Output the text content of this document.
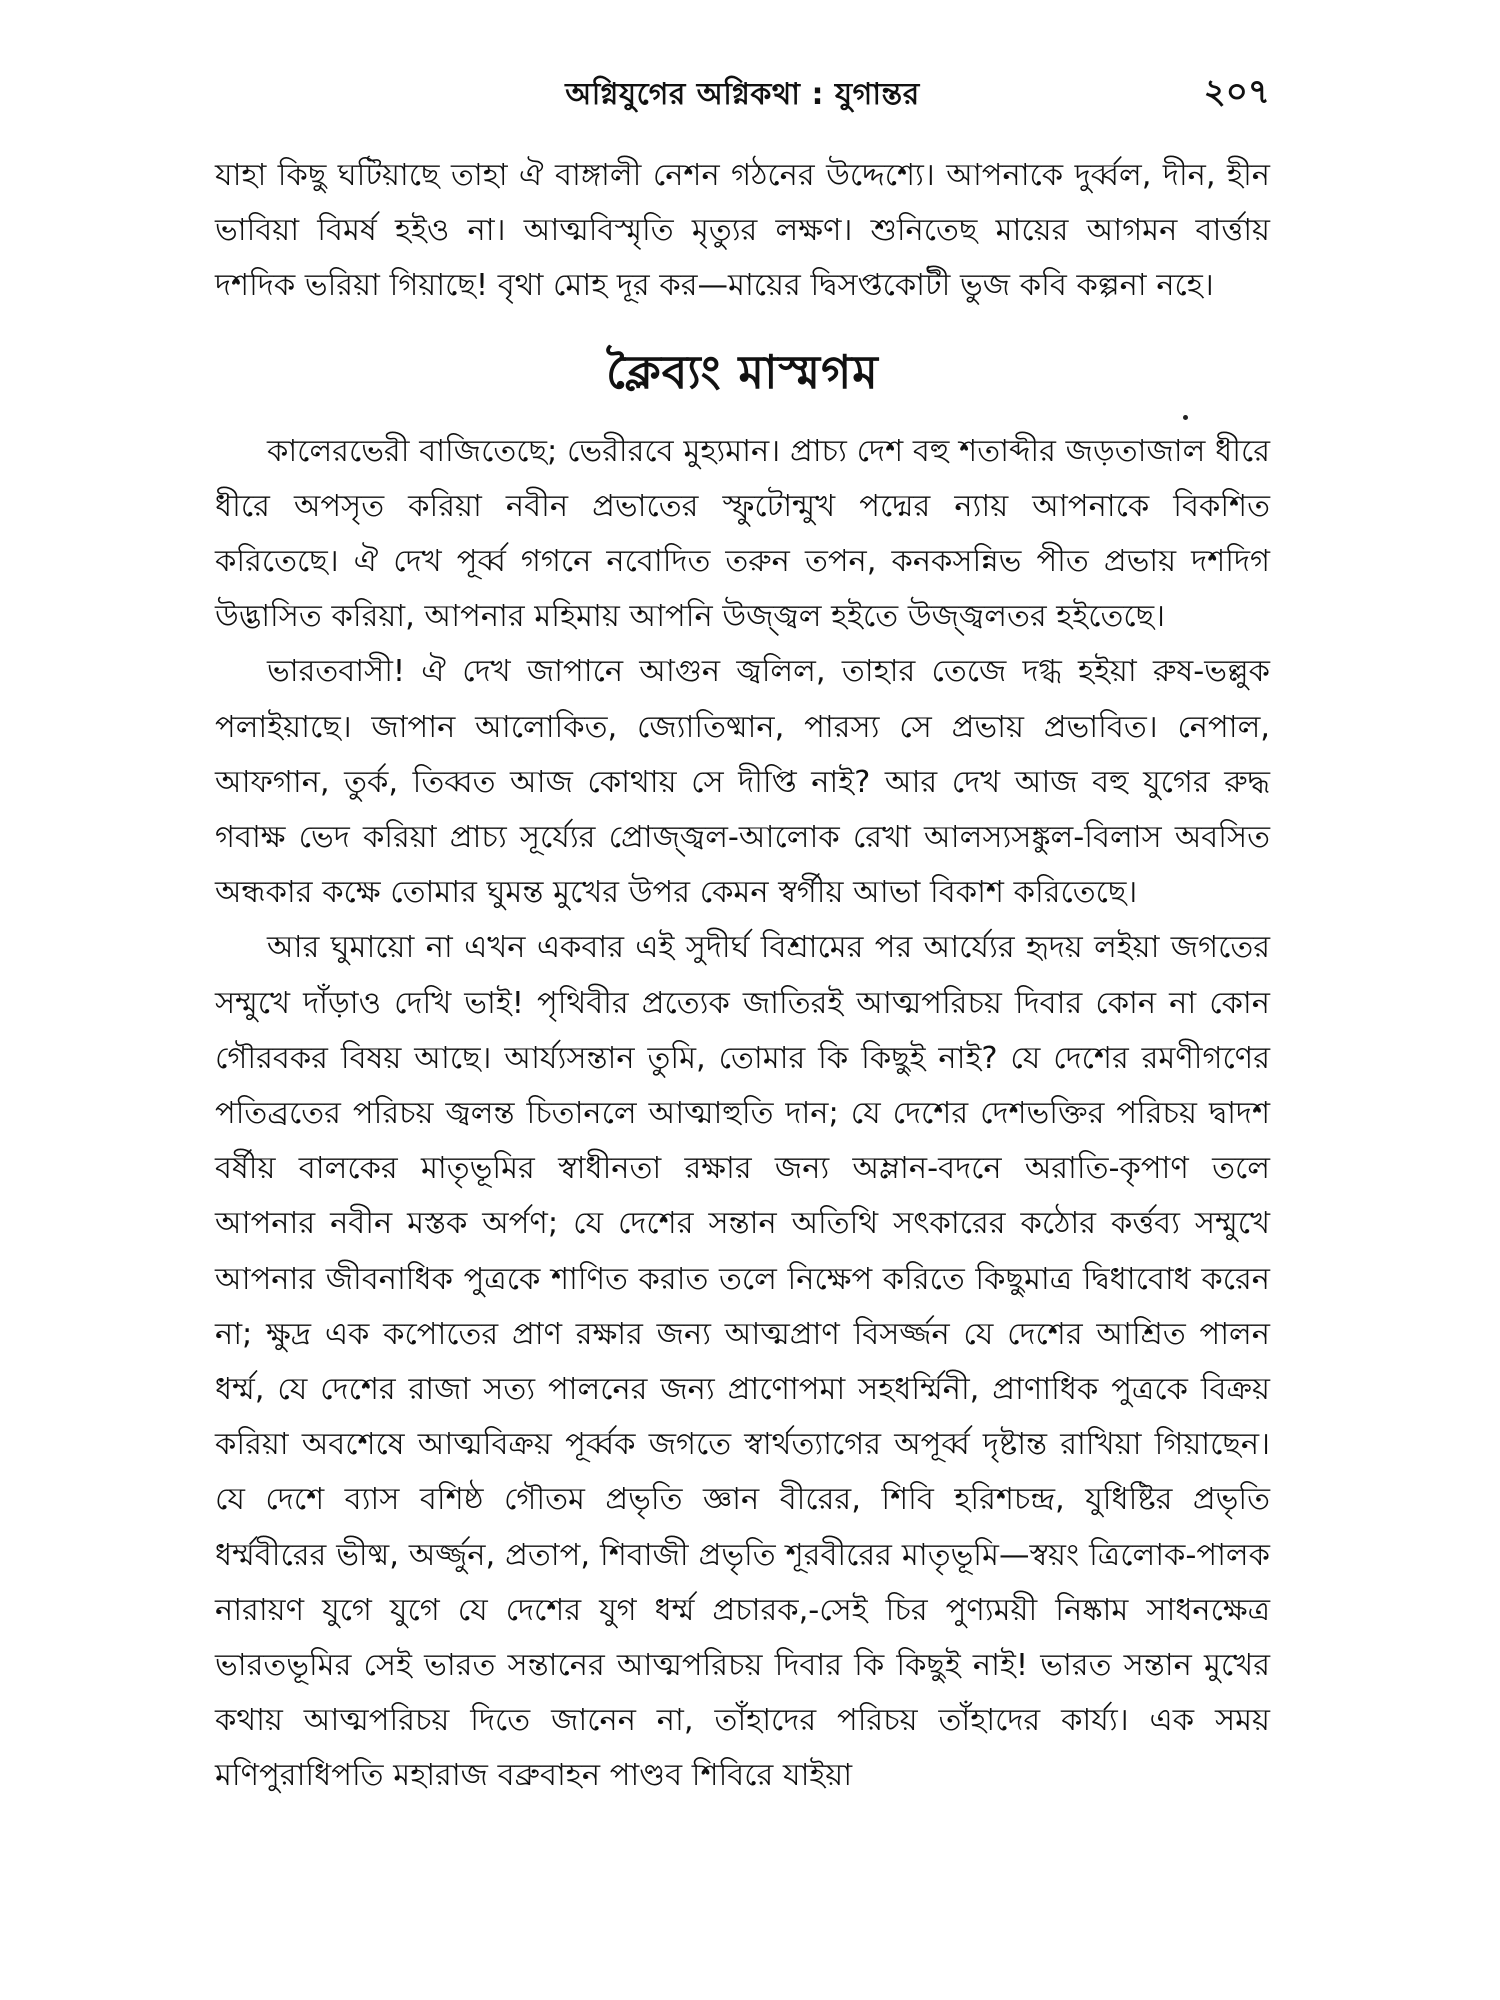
অগ্নিযুগের অগ্নিকথা : যুগান্তর	২০৭

যাহা কিছু ঘটিয়াছে তাহা ঐ বাঙ্গালী নেশন গঠনের উদ্দেশ্যে। আপনাকে দুর্ব্বল, দীন, হীন ভাবিয়া বিমর্ষ হইও না। আত্মবিস্মৃতি মৃত্যুর লক্ষণ। শুনিতেছ মায়ের আগমন বার্ত্তায় দশদিক ভরিয়া গিয়াছে! বৃথা মোহ দূর কর—মায়ের দ্বিসপ্তকোটী ভুজ কবি কল্পনা নহে।

ক্লৈব্যং মাস্মগম

কালেরভেরী বাজিতেছে; ভেরীরবে মুহ্যমান। প্রাচ্য দেশ বহু শতাব্দীর জড়তাজাল ধীরে ধীরে অপসৃত করিয়া নবীন প্রভাতের স্ফুটোন্মুখ পদ্মের ন্যায় আপনাকে বিকশিত করিতেছে। ঐ দেখ পূর্ব্ব গগনে নবোদিত তরুন তপন, কনকসন্নিভ পীত প্রভায় দশদিগ উদ্ভাসিত করিয়া, আপনার মহিমায় আপনি উজ্জ্বল হইতে উজ্জ্বলতর হইতেছে।

ভারতবাসী! ঐ দেখ জাপানে আগুন জ্বলিল, তাহার তেজে দগ্ধ হইয়া রুষ-ভল্লুক পলাইয়াছে। জাপান আলোকিত, জ্যোতিষ্মান, পারস্য সে প্রভায় প্রভাবিত। নেপাল, আফগান, তুর্ক, তিব্বত আজ কোথায় সে দীপ্তি নাই? আর দেখ আজ বহু যুগের রুদ্ধ গবাক্ষ ভেদ করিয়া প্রাচ্য সূর্য্যের প্রোজ্জ্বল-আলোক রেখা আলস্যসঙ্কুল-বিলাস অবসিত অন্ধকার কক্ষে তোমার ঘুমন্ত মুখের উপর কেমন স্বর্গীয় আভা বিকাশ করিতেছে।

আর ঘুমায়ো না এখন একবার এই সুদীর্ঘ বিশ্রামের পর আর্য্যের হৃদয় লইয়া জগতের সম্মুখে দাঁড়াও দেখি ভাই! পৃথিবীর প্রত্যেক জাতিরই আত্মপরিচয় দিবার কোন না কোন গৌরবকর বিষয় আছে। আর্য্যসন্তান তুমি, তোমার কি কিছুই নাই? যে দেশের রমণীগণের পতিব্রতের পরিচয় জ্বলন্ত চিতানলে আত্মাহুতি দান; যে দেশের দেশভক্তির পরিচয় দ্বাদশ বর্ষীয় বালকের মাতৃভূমির স্বাধীনতা রক্ষার জন্য অম্লান-বদনে অরাতি-কৃপাণ তলে আপনার নবীন মস্তক অর্পণ; যে দেশের সন্তান অতিথি সৎকারের কঠোর কর্ত্তব্য সম্মুখে আপনার জীবনাধিক পুত্রকে শাণিত করাত তলে নিক্ষেপ করিতে কিছুমাত্র দ্বিধাবোধ করেন না; ক্ষুদ্র এক কপোতের প্রাণ রক্ষার জন্য আত্মপ্রাণ বিসর্জ্জন যে দেশের আশ্রিত পালন ধর্ম্ম, যে দেশের রাজা সত্য পালনের জন্য প্রাণোপমা সহধর্ম্মিনী, প্রাণাধিক পুত্রকে বিক্রয় করিয়া অবশেষে আত্মবিক্রয় পূর্ব্বক জগতে স্বার্থত্যাগের অপূর্ব্ব দৃষ্টান্ত রাখিয়া গিয়াছেন। যে দেশে ব্যাস বশিষ্ঠ গৌতম প্রভৃতি জ্ঞান বীরের, শিবি হরিশচন্দ্র, যুধিষ্টির প্রভৃতি ধর্ম্মবীরের ভীষ্ম, অর্জ্জুন, প্রতাপ, শিবাজী প্রভৃতি শূরবীরের মাতৃভূমি—স্বয়ং ত্রিলোক-পালক নারায়ণ যুগে যুগে যে দেশের যুগ ধর্ম্ম প্রচারক,-সেই চির পুণ্যময়ী নিষ্কাম সাধনক্ষেত্র ভারতভূমির সেই ভারত সন্তানের আত্মপরিচয় দিবার কি কিছুই নাই! ভারত সন্তান মুখের কথায় আত্মপরিচয় দিতে জানেন না, তাঁহাদের পরিচয় তাঁহাদের কার্য্য। এক সময় মণিপুরাধিপতি মহারাজ বব্রুবাহন পাণ্ডব শিবিরে যাইয়া
